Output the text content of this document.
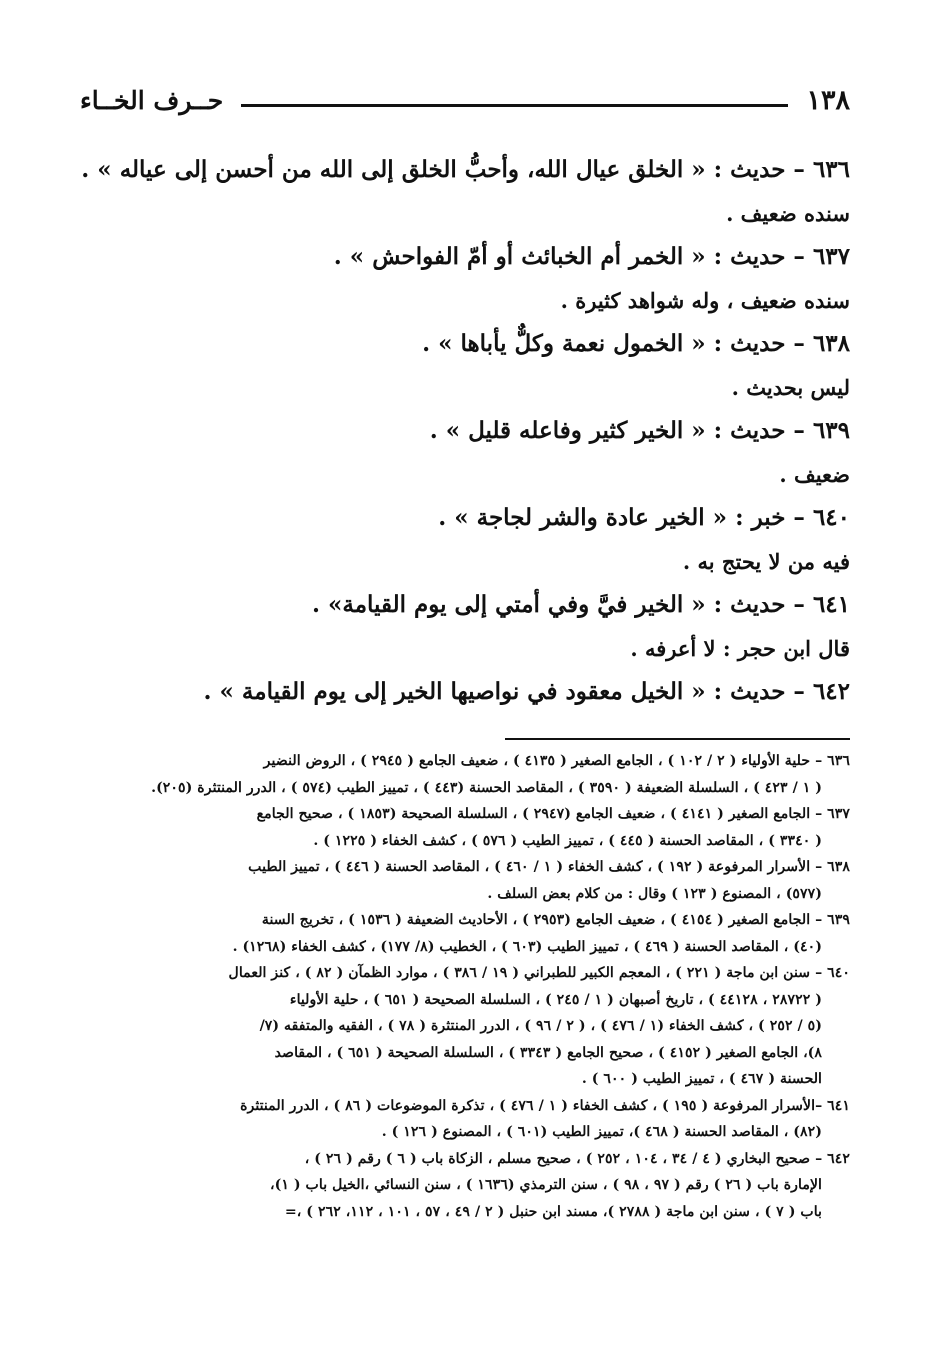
١٣٨
حــرف الخــاء
٦٣٦ – حديث : « الخلق عيال الله، وأحبُّ الخلق إلى الله من أحسن إلى عياله » .
سنده ضعيف .
٦٣٧ – حديث : « الخمر أم الخبائث أو أمّ الفواحش » .
سنده ضعيف ، وله شواهد كثيرة .
٦٣٨ – حديث : « الخمول نعمة وكلٌّ يأباها » .
ليس بحديث .
٦٣٩ – حديث : « الخير كثير وفاعله قليل » .
ضعيف .
٦٤٠ – خبر : « الخير عادة والشر لجاجة » .
فيه من لا يحتج به .
٦٤١ – حديث : « الخير فيَّ وفي أمتي إلى يوم القيامة» .
قال ابن حجر : لا أعرفه .
٦٤٢ – حديث : « الخيل معقود في نواصيها الخير إلى يوم القيامة » .
٦٣٦ – حلية الأولياء ( ٢ / ١٠٢ ) ، الجامع الصغير ( ٤١٣٥ ) ، ضعيف الجامع ( ٢٩٤٥ ) ، الروض النضير
( ١ / ٤٢٣ ) ، السلسلة الضعيفة ( ٣٥٩٠ ) ، المقاصد الحسنة (٤٤٣ ) ، تمييز الطيب (٥٧٤ ) ، الدرر المنتثرة (٢٠٥).
٦٣٧ – الجامع الصغير ( ٤١٤١ ) ، ضعيف الجامع (٢٩٤٧ ) ، السلسلة الصحيحة (١٨٥٣ ) ، صحيح الجامع
( ٣٣٤٠ ) ، المقاصد الحسنة ( ٤٤٥ ) ، تمييز الطيب ( ٥٧٦ ) ، كشف الخفاء ( ١٢٢٥ ) .
٦٣٨ – الأسرار المرفوعة ( ١٩٢ ) ، كشف الخفاء ( ١ / ٤٦٠ ) ، المقاصد الحسنة ( ٤٤٦ ) ، تمييز الطيب
(٥٧٧) ، المصنوع ( ١٢٣ ) وقال : من كلام بعض السلف .
٦٣٩ – الجامع الصغير ( ٤١٥٤ ) ، ضعيف الجامع (٢٩٥٣ ) ، الأحاديث الضعيفة ( ١٥٣٦ ) ، تخريج السنة
(٤٠) ، المقاصد الحسنة ( ٤٦٩ ) ، تمييز الطيب (٦٠٣ ) ، الخطيب (٨/ ١٧٧) ، كشف الخفاء (١٢٦٨) .
٦٤٠ – سنن ابن ماجة ( ٢٢١ ) ، المعجم الكبير للطبراني ( ١٩ / ٣٨٦ ) ، موارد الظمآن ( ٨٢ ) ، كنز العمال
( ٢٨٧٢٢ ، ٤٤١٢٨ ) ، تاريخ أصبهان ( ١ / ٢٤٥ ) ، السلسلة الصحيحة ( ٦٥١ ) ، حلية الأولياء
(٥ / ٢٥٢ ) ، كشف الخفاء (١ / ٤٧٦ ) ، ( ٢ / ٩٦ ) ، الدرر المنتثرة ( ٧٨ ) ، الفقيه والمتفقه (٧/
٨)، الجامع الصغير ( ٤١٥٢ ) ، صحيح الجامع ( ٣٣٤٣ ) ، السلسلة الصحيحة ( ٦٥١ ) ، المقاصد
الحسنة ( ٤٦٧ ) ، تمييز الطيب ( ٦٠٠ ) .
٦٤١ –الأسرار المرفوعة ( ١٩٥ ) ، كشف الخفاء ( ١ / ٤٧٦ ) ، تذكرة الموضوعات ( ٨٦ ) ، الدرر المنتثرة
(٨٢) ، المقاصد الحسنة ( ٤٦٨ )، تمييز الطيب (٦٠١ ) ، المصنوع ( ١٢٦ ) .
٦٤٢ – صحيح البخاري ( ٤ / ٣٤ ، ١٠٤ ، ٢٥٢ ) ، صحيح مسلم ، الزكاة باب ( ٦ ) رقم ( ٢٦ ) ،
الإمارة باب ( ٢٦ ) رقم ( ٩٧ ، ٩٨ ) ، سنن الترمذي (١٦٣٦ ) ، سنن النسائي ،الخيل باب ( ١)،
باب ( ٧ ) ، سنن ابن ماجة ( ٢٧٨٨ )، مسند ابن حنبل ( ٢ / ٤٩ ، ٥٧ ، ١٠١ ، ١١٢، ٢٦٢ ) ،=
